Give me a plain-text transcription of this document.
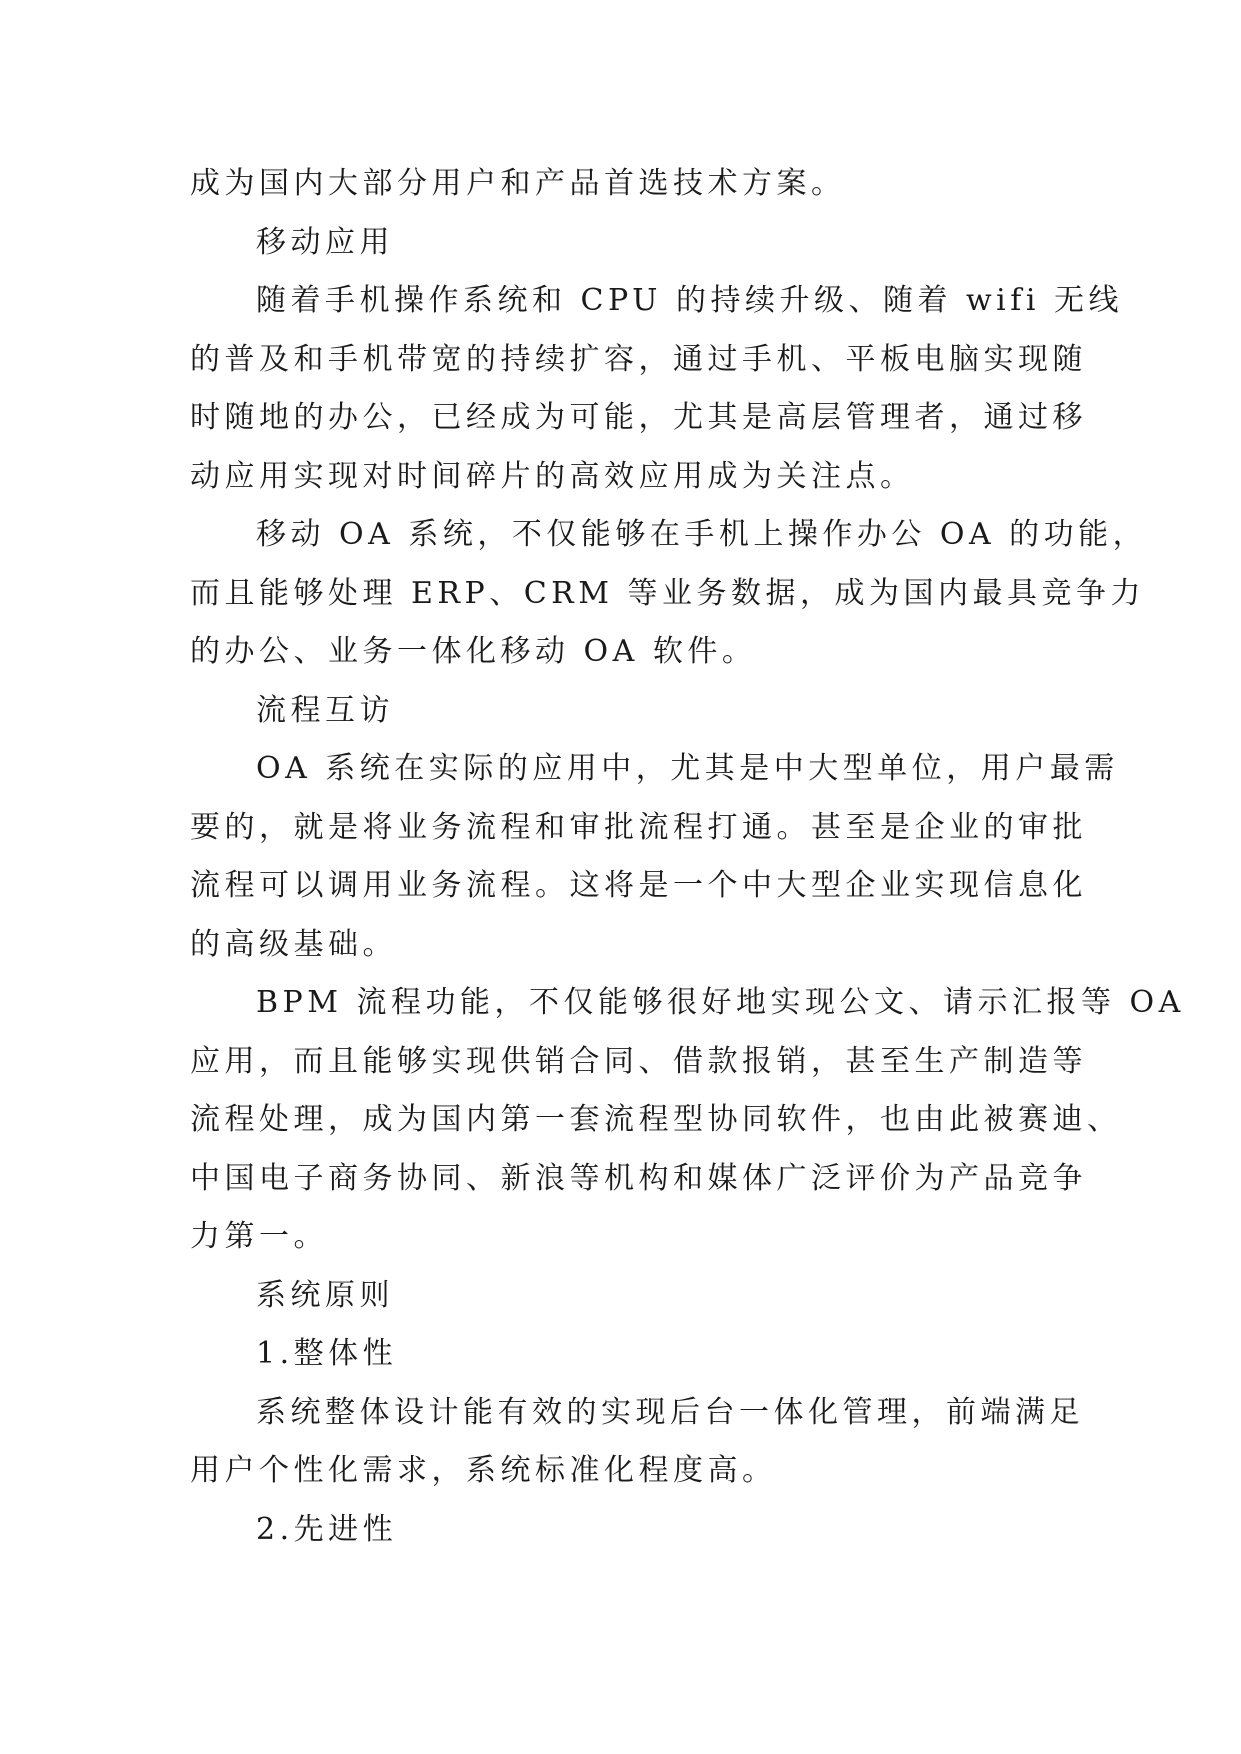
成为国内大部分用户和产品首选技术方案。

移动应用

随着手机操作系统和 CPU 的持续升级、随着 wifi 无线

的普及和手机带宽的持续扩容，通过手机、平板电脑实现随

时随地的办公，已经成为可能，尤其是高层管理者，通过移

动应用实现对时间碎片的高效应用成为关注点。

移动 OA 系统，不仅能够在手机上操作办公 OA 的功能，

而且能够处理 ERP、CRM 等业务数据，成为国内最具竞争力

的办公、业务一体化移动 OA 软件。

流程互访

OA 系统在实际的应用中，尤其是中大型单位，用户最需

要的，就是将业务流程和审批流程打通。甚至是企业的审批

流程可以调用业务流程。这将是一个中大型企业实现信息化

的高级基础。

BPM 流程功能，不仅能够很好地实现公文、请示汇报等 OA

应用，而且能够实现供销合同、借款报销，甚至生产制造等

流程处理，成为国内第一套流程型协同软件，也由此被赛迪、

中国电子商务协同、新浪等机构和媒体广泛评价为产品竞争

力第一。

系统原则

1.整体性

系统整体设计能有效的实现后台一体化管理，前端满足

用户个性化需求，系统标准化程度高。

2.先进性
